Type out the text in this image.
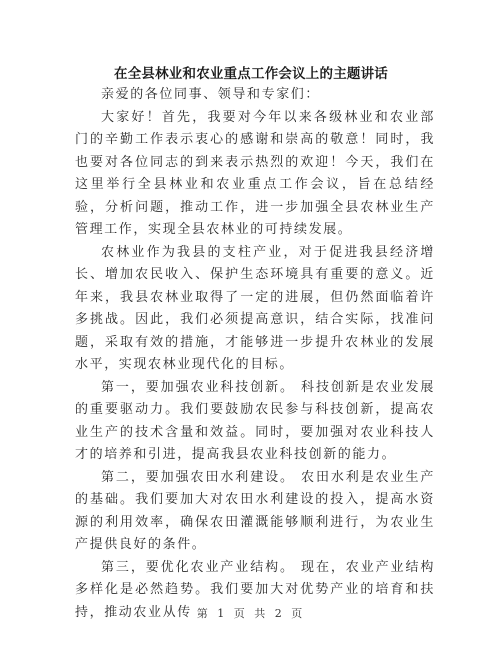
在全县林业和农业重点工作会议上的主题讲话

亲爱的各位同事、领导和专家们：

大家好！首先，我要对今年以来各级林业和农业部门的辛勤工作表示衷心的感谢和崇高的敬意！同时，我也要对各位同志的到来表示热烈的欢迎！今天，我们在这里举行全县林业和农业重点工作会议，旨在总结经验，分析问题，推动工作，进一步加强全县农林业生产管理工作，实现全县农林业的可持续发展。

农林业作为我县的支柱产业，对于促进我县经济增长、增加农民收入、保护生态环境具有重要的意义。近年来，我县农林业取得了一定的进展，但仍然面临着许多挑战。因此，我们必须提高意识，结合实际，找准问题，采取有效的措施，才能够进一步提升农林业的发展水平，实现农林业现代化的目标。

第一，要加强农业科技创新。 科技创新是农业发展的重要驱动力。我们要鼓励农民参与科技创新，提高农业生产的技术含量和效益。同时，要加强对农业科技人才的培养和引进，提高我县农业科技创新的能力。

第二，要加强农田水利建设。 农田水利是农业生产的基础。我们要加大对农田水利建设的投入，提高水资源的利用效率，确保农田灌溉能够顺利进行，为农业生产提供良好的条件。

第三，要优化农业产业结构。 现在，农业产业结构多样化是必然趋势。我们要加大对优势产业的培育和扶持，推动农业从传 第 1 页 共 2 页
